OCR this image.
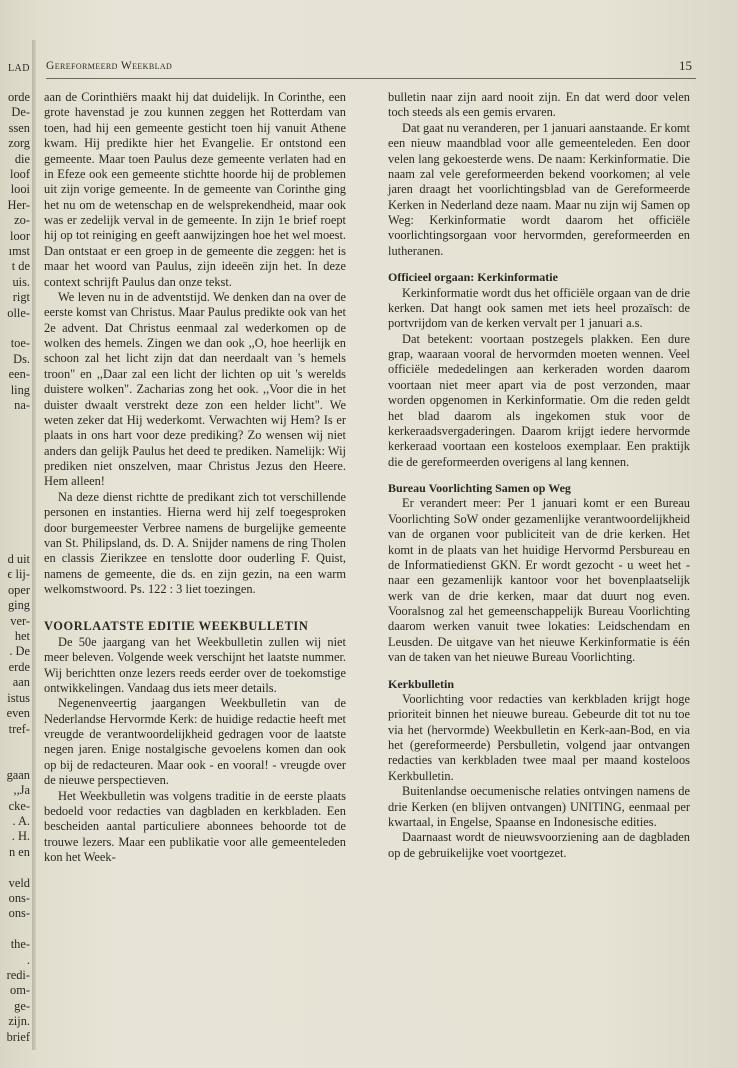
LAD
orde
De-
ssen
zorg
die
loof
looi
Her-
zo-
loor
ımst
t de
uis.
rigt
olle-
toe-
Ds.
een-
ling
na-
d uit
ϵ lij-
oper
ging
ver-
het
. De
erde
aan
istus
even
tref-
gaan
,,Ja
cke-
. A.
. H.
n en
veld
ons-
ons-
the-
.
redi-
om-
ge-
zijn.
brief
Gereformeerd Weekblad	15

aan de Corinthiërs maakt hij dat duidelijk. In Corinthe, een grote havenstad je zou kunnen zeggen het Rotterdam van toen, had hij een gemeente gesticht toen hij vanuit Athene kwam. Hij predikte hier het Evangelie. Er ontstond een gemeente. Maar toen Paulus deze gemeente verlaten had en in Efeze ook een gemeente stichtte hoorde hij de problemen uit zijn vorige gemeente. In de gemeente van Corinthe ging het nu om de wetenschap en de welsprekendheid, maar ook was er zedelijk verval in de gemeente. In zijn 1e brief roept hij op tot reiniging en geeft aanwijzingen hoe het wel moest. Dan ontstaat er een groep in de gemeente die zeggen: het is maar het woord van Paulus, zijn ideeën zijn het. In deze context schrijft Paulus dan onze tekst.

We leven nu in de adventstijd. We denken dan na over de eerste komst van Christus. Maar Paulus predikte ook van het 2e advent. Dat Christus eenmaal zal wederkomen op de wolken des hemels. Zingen we dan ook ,,O, hoe heerlijk en schoon zal het licht zijn dat dan neerdaalt van 's hemels troon" en ,,Daar zal een licht der lichten op uit 's werelds duistere wolken". Zacharias zong het ook. ,,Voor die in het duister dwaalt verstrekt deze zon een helder licht". We weten zeker dat Hij wederkomt. Verwachten wij Hem? Is er plaats in ons hart voor deze prediking? Zo wensen wij niet anders dan gelijk Paulus het deed te prediken. Namelijk: Wij prediken niet onszelven, maar Christus Jezus den Heere. Hem alleen!

Na deze dienst richtte de predikant zich tot verschillende personen en instanties. Hierna werd hij zelf toegesproken door burgemeester Verbree namens de burgelijke gemeente van St. Philipsland, ds. D. A. Snijder namens de ring Tholen en classis Zierikzee en tenslotte door ouderling F. Quist, namens de gemeente, die ds. en zijn gezin, na een warm welkomstwoord. Ps. 122 : 3 liet toezingen.

VOORLAATSTE EDITIE WEEKBULLETIN

De 50e jaargang van het Weekbulletin zullen wij niet meer beleven. Volgende week verschijnt het laatste nummer. Wij berichtten onze lezers reeds eerder over de toekomstige ontwikkelingen. Vandaag dus iets meer details.

Negenenveertig jaargangen Weekbulletin van de Nederlandse Hervormde Kerk: de huidige redactie heeft met vreugde de verantwoordelijkheid gedragen voor de laatste negen jaren. Enige nostalgische gevoelens komen dan ook op bij de redacteuren. Maar ook - en vooral! - vreugde over de nieuwe perspectieven.

Het Weekbulletin was volgens traditie in de eerste plaats bedoeld voor redacties van dagbladen en kerkbladen. Een bescheiden aantal particuliere abonnees behoorde tot de trouwe lezers. Maar een publikatie voor alle gemeenteleden kon het Week-

bulletin naar zijn aard nooit zijn. En dat werd door velen toch steeds als een gemis ervaren.

Dat gaat nu veranderen, per 1 januari aanstaande. Er komt een nieuw maandblad voor alle gemeenteleden. Een door velen lang gekoesterde wens. De naam: Kerkinformatie. Die naam zal vele gereformeerden bekend voorkomen; al vele jaren draagt het voorlichtingsblad van de Gereformeerde Kerken in Nederland deze naam. Maar nu zijn wij Samen op Weg: Kerkinformatie wordt daarom het officiële voorlichtingsorgaan voor hervormden, gereformeerden en lutheranen.

Officieel orgaan: Kerkinformatie

Kerkinformatie wordt dus het officiële orgaan van de drie kerken. Dat hangt ook samen met iets heel prozaïsch: de portvrijdom van de kerken vervalt per 1 januari a.s.

Dat betekent: voortaan postzegels plakken. Een dure grap, waaraan vooral de hervormden moeten wennen. Veel officiële mededelingen aan kerkeraden worden daarom voortaan niet meer apart via de post verzonden, maar worden opgenomen in Kerkinformatie. Om die reden geldt het blad daarom als ingekomen stuk voor de kerkeraadsvergaderingen. Daarom krijgt iedere hervormde kerkeraad voortaan een kosteloos exemplaar. Een praktijk die de gereformeerden overigens al lang kennen.

Bureau Voorlichting Samen op Weg

Er verandert meer: Per 1 januari komt er een Bureau Voorlichting SoW onder gezamenlijke verantwoordelijkheid van de organen voor publiciteit van de drie kerken. Het komt in de plaats van het huidige Hervormd Persbureau en de Informatiedienst GKN. Er wordt gezocht - u weet het - naar een gezamenlijk kantoor voor het bovenplaatselijk werk van de drie kerken, maar dat duurt nog even. Vooralsnog zal het gemeenschappelijk Bureau Voorlichting daarom werken vanuit twee lokaties: Leidschendam en Leusden. De uitgave van het nieuwe Kerkinformatie is één van de taken van het nieuwe Bureau Voorlichting.

Kerkbulletin

Voorlichting voor redacties van kerkbladen krijgt hoge prioriteit binnen het nieuwe bureau. Gebeurde dit tot nu toe via het (hervormde) Weekbulletin en Kerk-aan-Bod, en via het (gereformeerde) Persbulletin, volgend jaar ontvangen redacties van kerkbladen twee maal per maand kosteloos Kerkbulletin.

Buitenlandse oecumenische relaties ontvingen namens de drie Kerken (en blijven ontvangen) UNITING, eenmaal per kwartaal, in Engelse, Spaanse en Indonesische edities.

Daarnaast wordt de nieuwsvoorziening aan de dagbladen op de gebruikelijke voet voortgezet.
